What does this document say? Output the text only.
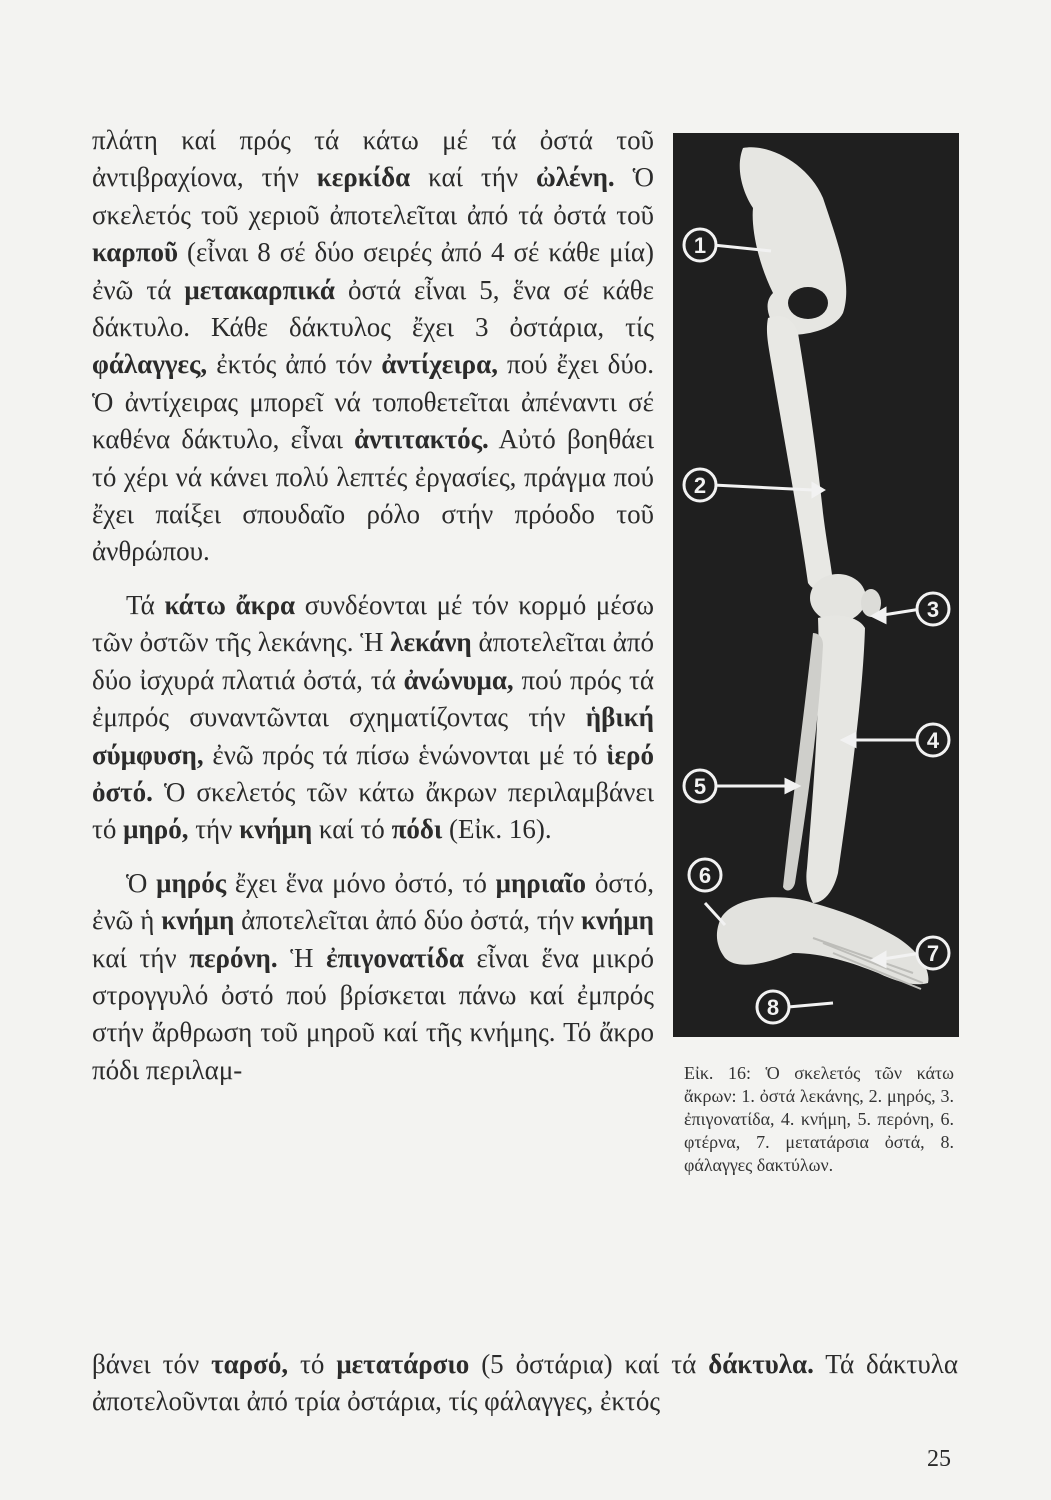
πλάτη καί πρός τά κάτω μέ τά ὀστά τοῦ ἀντιβραχίονα, τήν κερκίδα καί τήν ὠλένη. Ὁ σκελετός τοῦ χεριοῦ ἀποτελεῖται ἀπό τά ὀστά τοῦ καρποῦ (εἶναι 8 σέ δύο σειρές ἀπό 4 σέ κάθε μία) ἐνῶ τά μετακαρπικά ὀστά εἶναι 5, ἕνα σέ κάθε δάκτυλο. Κάθε δάκτυλος ἔχει 3 ὀστάρια, τίς φάλαγγες, ἐκτός ἀπό τόν ἀντίχειρα, πού ἔχει δύο. Ὁ ἀντίχειρας μπορεῖ νά τοποθετεῖται ἀπέναντι σέ καθένα δάκτυλο, εἶναι ἀντιτακτός. Αὐτό βοηθάει τό χέρι νά κάνει πολύ λεπτές ἐργασίες, πράγμα πού ἔχει παίξει σπουδαῖο ρόλο στήν πρόοδο τοῦ ἀνθρώπου.

Τά κάτω ἄκρα συνδέονται μέ τόν κορμό μέσω τῶν ὀστῶν τῆς λεκάνης. Ἡ λεκάνη ἀποτελεῖται ἀπό δύο ἰσχυρά πλατιά ὀστά, τά ἀνώνυμα, πού πρός τά ἐμπρός συναντῶνται σχηματίζοντας τήν ἡβική σύμφυση, ἐνῶ πρός τά πίσω ἑνώνονται μέ τό ἱερό ὀστό. Ὁ σκελετός τῶν κάτω ἄκρων περιλαμβάνει τό μηρό, τήν κνήμη καί τό πόδι (Εἰκ. 16).

Ὁ μηρός ἔχει ἕνα μόνο ὀστό, τό μηριαῖο ὀστό, ἐνῶ ἡ κνήμη ἀποτελεῖται ἀπό δύο ὀστά, τήν κνήμη καί τήν περόνη. Ἡ ἐπιγονατίδα εἶναι ἕνα μικρό στρογγυλό ὀστό πού βρίσκεται πάνω καί ἐμπρός στήν ἄρθρωση τοῦ μηροῦ καί τῆς κνήμης. Τό ἄκρο πόδι περιλαμ-

βάνει τόν ταρσό, τό μετατάρσιο (5 ὀστάρια) καί τά δάκτυλα. Τά δάκτυλα ἀποτελοῦνται ἀπό τρία ὀστάρια, τίς φάλαγγες, ἐκτός

1
2
3
4
5
6
7
8

Εἰκ. 16: Ὁ σκελετός τῶν κάτω ἄκρων: 1. ὀστά λεκάνης, 2. μηρός, 3. ἐπιγονατίδα, 4. κνήμη, 5. περόνη, 6. φτέρνα, 7. μετατάρσια ὀστά, 8. φάλαγγες δακτύλων.

25
